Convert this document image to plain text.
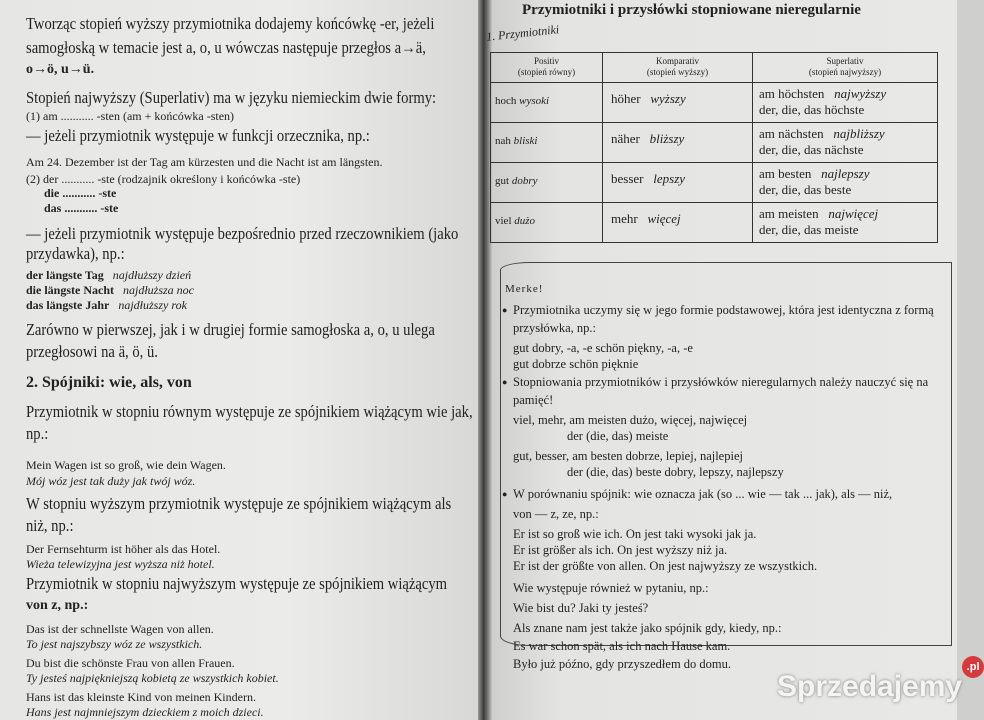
Tworząc stopień wyższy przymiotnika dodajemy końcówkę -er, jeżeli
samogłoską w temacie jest a, o, u wówczas następuje przegłos a→ä,
o→ö, u→ü.
Stopień najwyższy (Superlativ) ma w języku niemieckim dwie formy:
(1) am ........... -sten (am + końcówka -sten)
— jeżeli przymiotnik występuje w funkcji orzecznika, np.:
Am 24. Dezember ist der Tag am kürzesten und die Nacht ist am längsten.
(2) der ........... -ste (rodzajnik określony i końcówka -ste)
die ........... -ste
das ........... -ste
— jeżeli przymiotnik występuje bezpośrednio przed rzeczownikiem (jako
przydawka), np.:
der längste Tag najdłuższy dzień
die längste Nacht najdłuższa noc
das längste Jahr najdłuższy rok
Zarówno w pierwszej, jak i w drugiej formie samogłoska a, o, u ulega
przegłosowi na ä, ö, ü.
2. Spójniki: wie, als, von
Przymiotnik w stopniu równym występuje ze spójnikiem wiążącym wie jak,
np.:
Mein Wagen ist so groß, wie dein Wagen.
Mój wóz jest tak duży jak twój wóz.
W stopniu wyższym przymiotnik występuje ze spójnikiem wiążącym als
niż, np.:
Der Fernsehturm ist höher als das Hotel.
Wieża telewizyjna jest wyższa niż hotel.
Przymiotnik w stopniu najwyższym występuje ze spójnikiem wiążącym
von z, np.:
Das ist der schnellste Wagen von allen.
To jest najszybszy wóz ze wszystkich.
Du bist die schönste Frau von allen Frauen.
Ty jesteś najpiękniejszą kobietą ze wszystkich kobiet.
Hans ist das kleinste Kind von meinen Kindern.
Hans jest najmniejszym dzieckiem z moich dzieci.
Przymiotniki i przysłówki stopniowane nieregularnie
1. Przymiotniki
Positiv
(stopień równy)	Komparativ
(stopień wyższy)	Superlativ
(stopień najwyższy)
hoch wysoki	höher wyższy	am höchsten najwyższy
der, die, das höchste
nah bliski	näher bliższy	am nächsten najbliższy
der, die, das nächste
gut dobry	besser lepszy	am besten najlepszy
der, die, das beste
viel dużo	mehr więcej	am meisten najwięcej
der, die, das meiste
Merke!
Przymiotnika uczymy się w jego formie podstawowej, która jest identyczna z formą
●
przysłówka, np.:
gut dobry, -a, -e schön piękny, -a, -e
gut dobrze schön pięknie
Stopniowania przymiotników i przysłówków nieregularnych należy nauczyć się na
●
pamięć!
viel, mehr, am meisten dużo, więcej, najwięcej
der (die, das) meiste
gut, besser, am besten dobrze, lepiej, najlepiej
der (die, das) beste dobry, lepszy, najlepszy
W porównaniu spójnik: wie oznacza jak (so ... wie — tak ... jak), als — niż,
●
von — z, ze, np.:
Er ist so groß wie ich. On jest taki wysoki jak ja.
Er ist größer als ich. On jest wyższy niż ja.
Er ist der größte von allen. On jest najwyższy ze wszystkich.
Wie występuje również w pytaniu, np.:
Wie bist du? Jaki ty jesteś?
Als znane nam jest także jako spójnik gdy, kiedy, np.:
Es war schon spät, als ich nach Hause kam.
Było już późno, gdy przyszedłem do domu.
Sprzedajemy
.pl
